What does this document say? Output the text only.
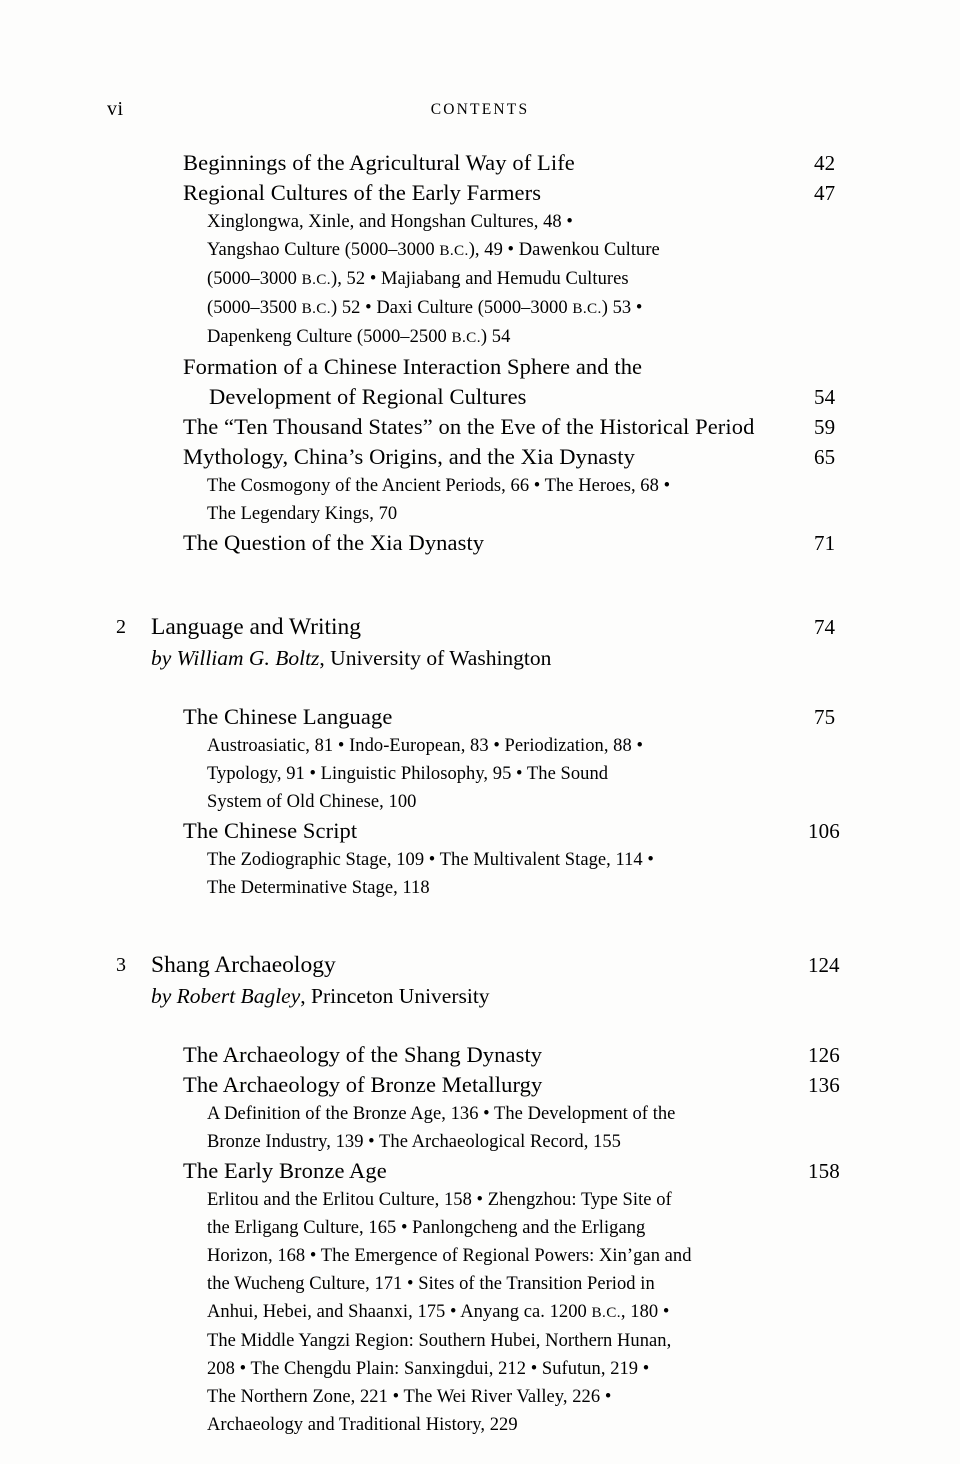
vi	CONTENTS
Beginnings of the Agricultural Way of Life	42
Regional Cultures of the Early Farmers	47
Xinglongwa, Xinle, and Hongshan Cultures, 48 •
Yangshao Culture (5000–3000 B.C.), 49 • Dawenkou Culture
(5000–3000 B.C.), 52 • Majiabang and Hemudu Cultures
(5000–3500 B.C.) 52 • Daxi Culture (5000–3000 B.C.) 53 •
Dapenkeng Culture (5000–2500 B.C.) 54
Formation of a Chinese Interaction Sphere and the
Development of Regional Cultures	54
The “Ten Thousand States” on the Eve of the Historical Period	59
Mythology, China’s Origins, and the Xia Dynasty	65
The Cosmogony of the Ancient Periods, 66 • The Heroes, 68 •
The Legendary Kings, 70
The Question of the Xia Dynasty	71
2	Language and Writing	74
by William G. Boltz, University of Washington
The Chinese Language	75
Austroasiatic, 81 • Indo-European, 83 • Periodization, 88 •
Typology, 91 • Linguistic Philosophy, 95 • The Sound
System of Old Chinese, 100
The Chinese Script	106
The Zodiographic Stage, 109 • The Multivalent Stage, 114 •
The Determinative Stage, 118
3	Shang Archaeology	124
by Robert Bagley, Princeton University
The Archaeology of the Shang Dynasty	126
The Archaeology of Bronze Metallurgy	136
A Definition of the Bronze Age, 136 • The Development of the
Bronze Industry, 139 • The Archaeological Record, 155
The Early Bronze Age	158
Erlitou and the Erlitou Culture, 158 • Zhengzhou: Type Site of
the Erligang Culture, 165 • Panlongcheng and the Erligang
Horizon, 168 • The Emergence of Regional Powers: Xin’gan and
the Wucheng Culture, 171 • Sites of the Transition Period in
Anhui, Hebei, and Shaanxi, 175 • Anyang ca. 1200 B.C., 180 •
The Middle Yangzi Region: Southern Hubei, Northern Hunan,
208 • The Chengdu Plain: Sanxingdui, 212 • Sufutun, 219 •
The Northern Zone, 221 • The Wei River Valley, 226 •
Archaeology and Traditional History, 229
